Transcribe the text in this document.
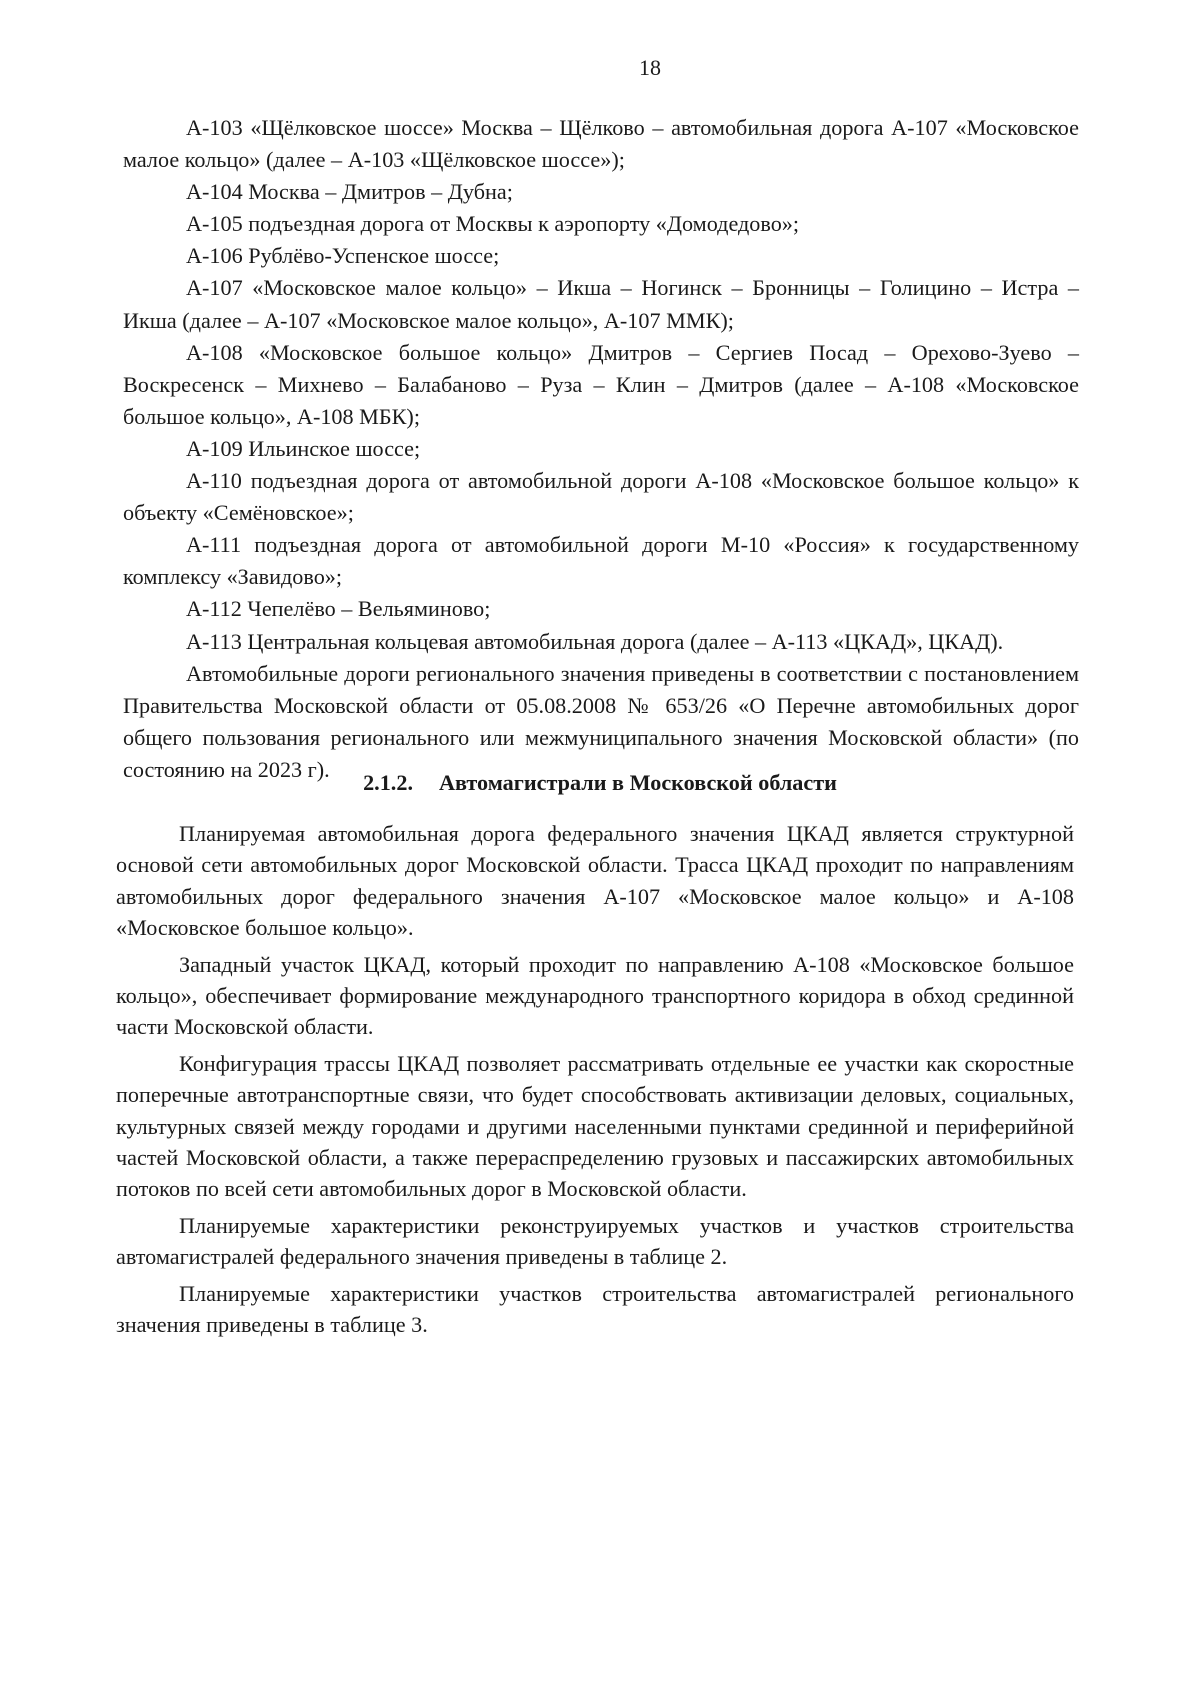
18

А-103 «Щёлковское шоссе» Москва – Щёлково – автомобильная дорога А-107 «Московское малое кольцо» (далее – А-103 «Щёлковское шоссе»);

А-104 Москва – Дмитров – Дубна;

А-105 подъездная дорога от Москвы к аэропорту «Домодедово»;

А-106 Рублёво-Успенское шоссе;

А-107 «Московское малое кольцо» – Икша – Ногинск – Бронницы – Голицино – Истра – Икша (далее – А-107 «Московское малое кольцо», А-107 ММК);

А-108 «Московское большое кольцо» Дмитров – Сергиев Посад – Орехово-Зуево – Воскресенск – Михнево – Балабаново – Руза – Клин – Дмитров (далее – А-108 «Московское большое кольцо», А-108 МБК);

А-109 Ильинское шоссе;

А-110 подъездная дорога от автомобильной дороги А-108 «Московское большое кольцо» к объекту «Семёновское»;

А-111 подъездная дорога от автомобильной дороги М-10 «Россия» к государственному комплексу «Завидово»;

А-112 Чепелёво – Вельяминово;

А-113 Центральная кольцевая автомобильная дорога (далее – А-113 «ЦКАД», ЦКАД).

Автомобильные дороги регионального значения приведены в соответствии с постановлением Правительства Московской области от 05.08.2008 № 653/26 «О Перечне автомобильных дорог общего пользования регионального или межмуниципального значения Московской области» (по состоянию на 2023 г).

2.1.2. Автомагистрали в Московской области

Планируемая автомобильная дорога федерального значения ЦКАД является структурной основой сети автомобильных дорог Московской области. Трасса ЦКАД проходит по направлениям автомобильных дорог федерального значения А-107 «Московское малое кольцо» и А-108 «Московское большое кольцо».

Западный участок ЦКАД, который проходит по направлению А-108 «Московское большое кольцо», обеспечивает формирование международного транспортного коридора в обход срединной части Московской области.

Конфигурация трассы ЦКАД позволяет рассматривать отдельные ее участки как скоростные поперечные автотранспортные связи, что будет способствовать активизации деловых, социальных, культурных связей между городами и другими населенными пунктами срединной и периферийной частей Московской области, а также перераспределению грузовых и пассажирских автомобильных потоков по всей сети автомобильных дорог в Московской области.

Планируемые характеристики реконструируемых участков и участков строительства автомагистралей федерального значения приведены в таблице 2.

Планируемые характеристики участков строительства автомагистралей регионального значения приведены в таблице 3.
